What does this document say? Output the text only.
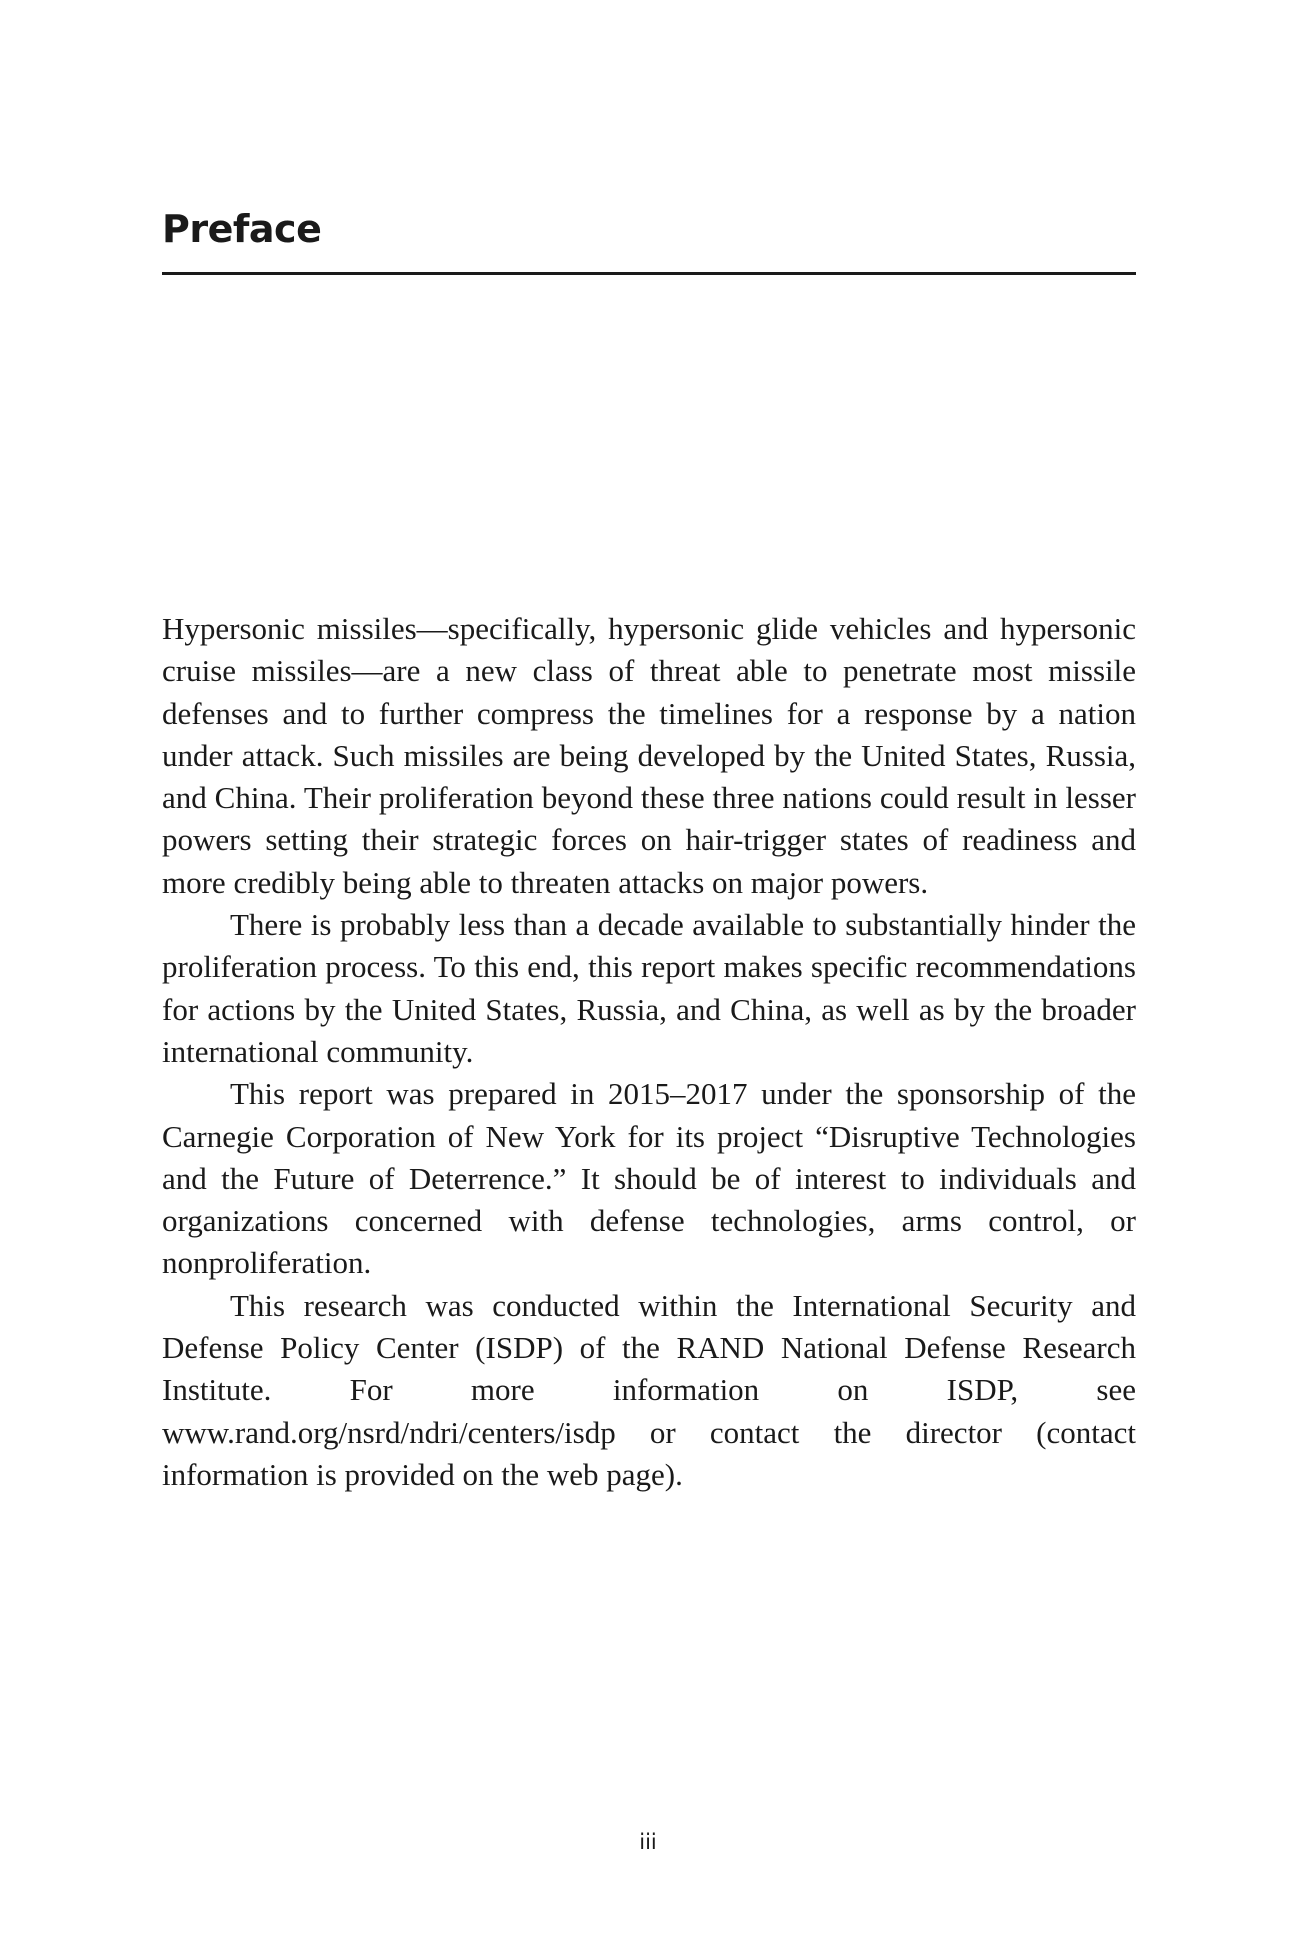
Preface

Hypersonic missiles—specifically, hypersonic glide vehicles and hypersonic cruise missiles—are a new class of threat able to penetrate most missile defenses and to further compress the timelines for a response by a nation under attack. Such missiles are being developed by the United States, Russia, and China. Their proliferation beyond these three nations could result in lesser powers setting their strategic forces on hair-trigger states of readiness and more credibly being able to threaten attacks on major powers.

There is probably less than a decade available to substantially hinder the proliferation process. To this end, this report makes specific recommendations for actions by the United States, Russia, and China, as well as by the broader international community.

This report was prepared in 2015–2017 under the sponsorship of the Carnegie Corporation of New York for its project “Disruptive Technologies and the Future of Deterrence.” It should be of interest to individuals and organizations concerned with defense technologies, arms control, or nonproliferation.

This research was conducted within the International Security and Defense Policy Center (ISDP) of the RAND National Defense Research Institute. For more information on ISDP, see www.rand.org/nsrd/ndri/centers/isdp or contact the director (contact information is provided on the web page).

iii
